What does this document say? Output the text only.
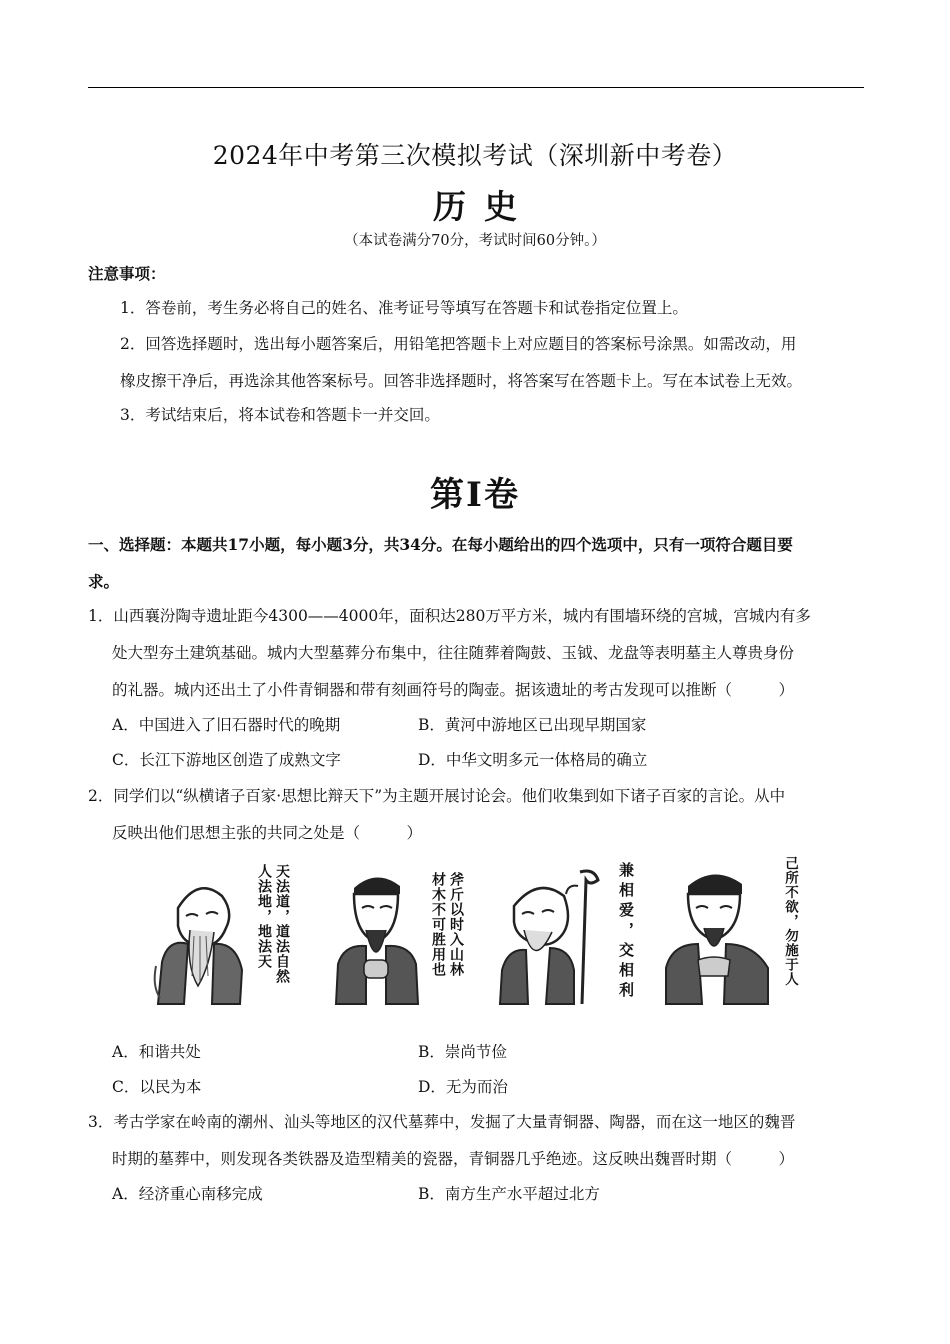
2024年中考第三次模拟考试（深圳新中考卷）
历史
（本试卷满分70分，考试时间60分钟。）
注意事项：
1．答卷前，考生务必将自己的姓名、准考证号等填写在答题卡和试卷指定位置上。
2．回答选择题时，选出每小题答案后，用铅笔把答题卡上对应题目的答案标号涂黑。如需改动，用
橡皮擦干净后，再选涂其他答案标号。回答非选择题时，将答案写在答题卡上。写在本试卷上无效。
3．考试结束后，将本试卷和答题卡一并交回。
第Ⅰ卷
一、选择题：本题共17小题，每小题3分，共34分。在每小题给出的四个选项中，只有一项符合题目要
求。
1．山西襄汾陶寺遗址距今4300——4000年，面积达280万平方米，城内有围墙环绕的宫城，宫城内有多
处大型夯土建筑基础。城内大型墓葬分布集中，往往随葬着陶鼓、玉钺、龙盘等表明墓主人尊贵身份
的礼器。城内还出土了小件青铜器和带有刻画符号的陶壶。据该遗址的考古发现可以推断（　　　）
A．中国进入了旧石器时代的晚期	B．黄河中游地区已出现早期国家
C．长江下游地区创造了成熟文字	D．中华文明多元一体格局的确立
2．同学们以“纵横诸子百家·思想比辩天下”为主题开展讨论会。他们收集到如下诸子百家的言论。从中
反映出他们思想主张的共同之处是（　　　）
天法道，道法自然
人法地，地法天	斧斤以时入山林
材木不可胜用也	兼相爱，交相利	己所不欲，勿施于人
A．和谐共处	B．崇尚节俭
C．以民为本	D．无为而治
3．考古学家在岭南的潮州、汕头等地区的汉代墓葬中，发掘了大量青铜器、陶器，而在这一地区的魏晋
时期的墓葬中，则发现各类铁器及造型精美的瓷器，青铜器几乎绝迹。这反映出魏晋时期（　　　）
A．经济重心南移完成	B．南方生产水平超过北方
